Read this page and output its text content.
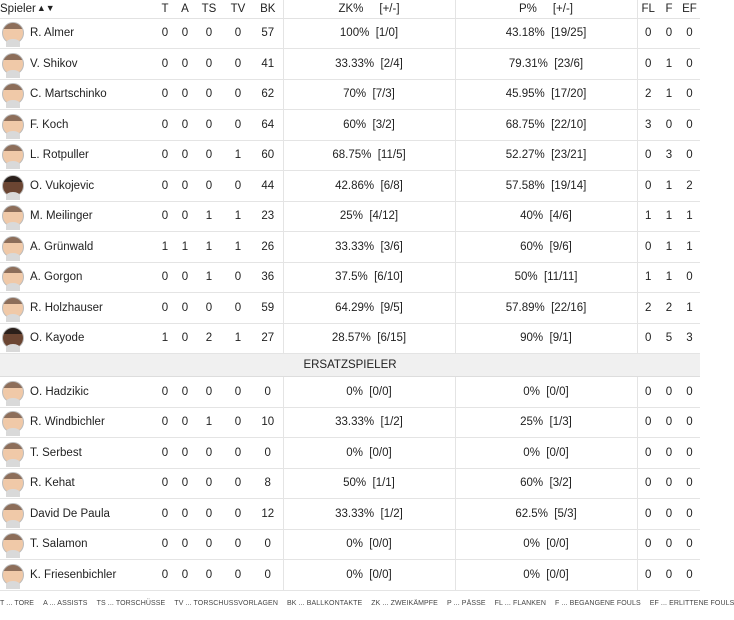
Spieler▲▼	T	A	TS	TV	BK	ZK%     [+/-]	P%     [+/-]	FL	F	EF

R. Almer	0	0	0	0	57	100%  [1/0]	43.18%  [19/25]	0	0	0

V. Shikov	0	0	0	0	41	33.33%  [2/4]	79.31%  [23/6]	0	1	0

C. Martschinko	0	0	0	0	62	70%  [7/3]	45.95%  [17/20]	2	1	0

F. Koch	0	0	0	0	64	60%  [3/2]	68.75%  [22/10]	3	0	0

L. Rotpuller	0	0	0	1	60	68.75%  [11/5]	52.27%  [23/21]	0	3	0

O. Vukojevic	0	0	0	0	44	42.86%  [6/8]	57.58%  [19/14]	0	1	2

M. Meilinger	0	0	1	1	23	25%  [4/12]	40%  [4/6]	1	1	1

A. Grünwald	1	1	1	1	26	33.33%  [3/6]	60%  [9/6]	0	1	1

A. Gorgon	0	0	1	0	36	37.5%  [6/10]	50%  [11/11]	1	1	0

R. Holzhauser	0	0	0	0	59	64.29%  [9/5]	57.89%  [22/16]	2	2	1

O. Kayode	1	0	2	1	27	28.57%  [6/15]	90%  [9/1]	0	5	3
ERSATZSPIELER										

O. Hadzikic	0	0	0	0	0	0%  [0/0]	0%  [0/0]	0	0	0

R. Windbichler	0	0	1	0	10	33.33%  [1/2]	25%  [1/3]	0	0	0

T. Serbest	0	0	0	0	0	0%  [0/0]	0%  [0/0]	0	0	0

R. Kehat	0	0	0	0	8	50%  [1/1]	60%  [3/2]	0	0	0

David De Paula	0	0	0	0	12	33.33%  [1/2]	62.5%  [5/3]	0	0	0

T. Salamon	0	0	0	0	0	0%  [0/0]	0%  [0/0]	0	0	0

K. Friesenbichler	0	0	0	0	0	0%  [0/0]	0%  [0/0]	0	0	0
T ... TORE A ... ASSISTS TS ... TORSCHÜSSE TV ... TORSCHUSSVORLAGEN BK ... BALLKONTAKTE ZK ... ZWEIKÄMPFE P ... PÄSSE FL ... FLANKEN F ... BEGANGENE FOULS EF ... ERLITTENE FOULS
